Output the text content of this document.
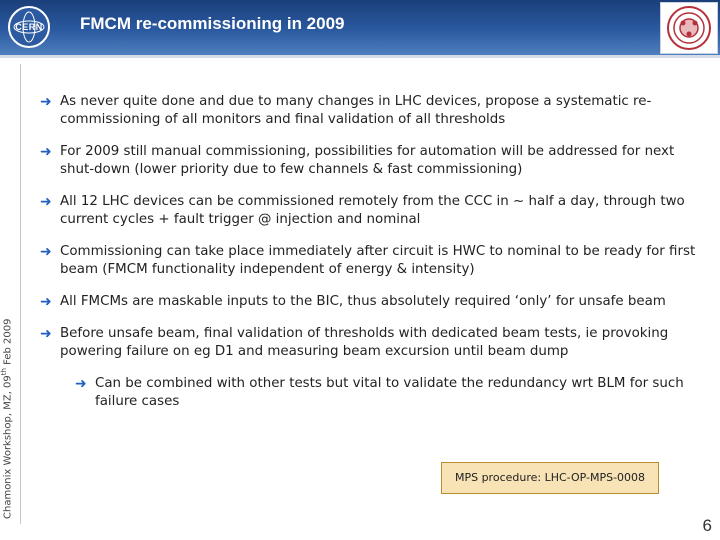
CERN	FMCM re-commissioning in 2009
Chamonix Workshop, MZ, 09th Feb 2009

➜ As never quite done and due to many changes in LHC devices, propose a systematic re-commissioning of all monitors and final validation of all thresholds

➜ For 2009 still manual commissioning, possibilities for automation will be addressed for next shut-down (lower priority due to few channels & fast commissioning)

➜ All 12 LHC devices can be commissioned remotely from the CCC in ~ half a day, through two current cycles + fault trigger @ injection and nominal

➜ Commissioning can take place immediately after circuit is HWC to nominal to be ready for first beam (FMCM functionality independent of energy & intensity)

➜ All FMCMs are maskable inputs to the BIC, thus absolutely required ‘only’ for unsafe beam

➜ Before unsafe beam, final validation of thresholds with dedicated beam tests, ie provoking powering failure on eg D1 and measuring beam excursion until beam dump

➜ Can be combined with other tests but vital to validate the redundancy wrt BLM for such failure cases

MPS procedure: LHC-OP-MPS-0008
6
